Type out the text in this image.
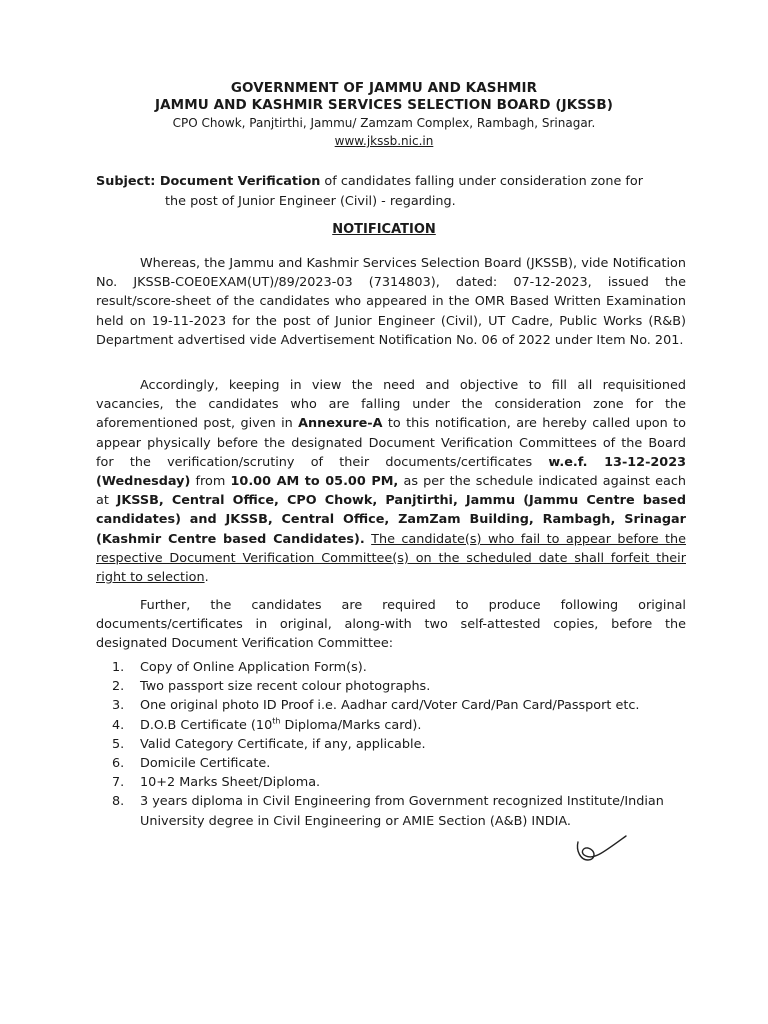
GOVERNMENT OF JAMMU AND KASHMIR
JAMMU AND KASHMIR SERVICES SELECTION BOARD (JKSSB)
CPO Chowk, Panjtirthi, Jammu/ Zamzam Complex, Rambagh, Srinagar.
www.jkssb.nic.in
Subject: Document Verification of candidates falling under consideration zone for
the post of Junior Engineer (Civil) - regarding.
NOTIFICATION
Whereas, the Jammu and Kashmir Services Selection Board (JKSSB), vide Notification No. JKSSB-COE0EXAM(UT)/89/2023-03 (7314803), dated: 07-12-2023, issued the result/score-sheet of the candidates who appeared in the OMR Based Written Examination held on 19-11-2023 for the post of Junior Engineer (Civil), UT Cadre, Public Works (R&B) Department advertised vide Advertisement Notification No. 06 of 2022 under Item No. 201.
Accordingly, keeping in view the need and objective to fill all requisitioned vacancies, the candidates who are falling under the consideration zone for the aforementioned post, given in Annexure-A to this notification, are hereby called upon to appear physically before the designated Document Verification Committees of the Board for the verification/scrutiny of their documents/certificates w.e.f. 13-12-2023 (Wednesday) from 10.00 AM to 05.00 PM, as per the schedule indicated against each at JKSSB, Central Office, CPO Chowk, Panjtirthi, Jammu (Jammu Centre based candidates) and JKSSB, Central Office, ZamZam Building, Rambagh, Srinagar (Kashmir Centre based Candidates). The candidate(s) who fail to appear before the respective Document Verification Committee(s) on the scheduled date shall forfeit their right to selection.
Further, the candidates are required to produce following original documents/certificates in original, along-with two self-attested copies, before the designated Document Verification Committee:
1.	Copy of Online Application Form(s).
2.	Two passport size recent colour photographs.
3.	One original photo ID Proof i.e. Aadhar card/Voter Card/Pan Card/Passport etc.
4.	D.O.B Certificate (10th Diploma/Marks card).
5.	Valid Category Certificate, if any, applicable.
6.	Domicile Certificate.
7.	10+2 Marks Sheet/Diploma.
8.	3 years diploma in Civil Engineering from Government recognized Institute/Indian University degree in Civil Engineering or AMIE Section (A&B) INDIA.
